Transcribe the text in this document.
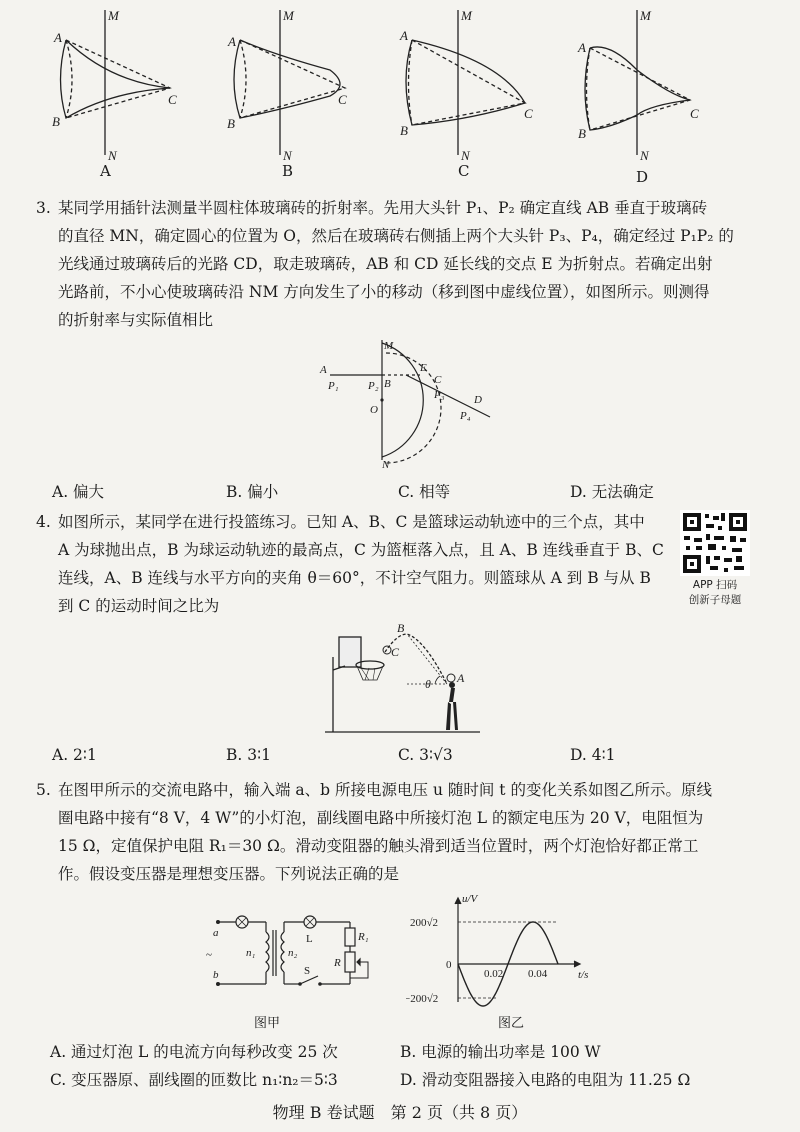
M
N
A
B
C
M
N
A
B
C
M
N
A
B
C
M
N
A
B
C
A	B	C	D
3. 某同学用插针法测量半圆柱体玻璃砖的折射率。先用大头针 P₁、P₂ 确定直线 AB 垂直于玻璃砖
的直径 MN，确定圆心的位置为 O，然后在玻璃砖右侧插上两个大头针 P₃、P₄，确定经过 P₁P₂ 的
光线通过玻璃砖后的光路 CD，取走玻璃砖，AB 和 CD 延长线的交点 E 为折射点。若确定出射
光路前，不小心使玻璃砖沿 NM 方向发生了小的移动（移到图中虚线位置），如图所示。则测得
的折射率与实际值相比
A
P₁	P₂ B
M
E
C
P₃	D
P₄
O
N
A. 偏大	B. 偏小	C. 相等	D. 无法确定
4. 如图所示，某同学在进行投篮练习。已知 A、B、C 是篮球运动轨迹中的三个点，其中
A 为球抛出点，B 为球运动轨迹的最高点，C 为篮框落入点，且 A、B 连线垂直于 B、C
连线，A、B 连线与水平方向的夹角 θ＝60°，不计空气阻力。则篮球从 A 到 B 与从 B
到 C 的运动时间之比为
APP 扫码
创新子母题
B
C
θ A
A. 2∶1	B. 3∶1	C. 3∶√3	D. 4∶1
5. 在图甲所示的交流电路中，输入端 a、b 所接电源电压 u 随时间 t 的变化关系如图乙所示。原线
圈电路中接有“8 V，4 W”的小灯泡，副线圈电路中所接灯泡 L 的额定电压为 20 V，电阻恒为
15 Ω，定值保护电阻 R₁＝30 Ω。滑动变阻器的触头滑到适当位置时，两个灯泡恰好都正常工
作。假设变压器是理想变压器。下列说法正确的是
a
b
~	n₁	n₂
L
S
R₁
R
图甲
u/V
t/s
200√2
−200√2
0
0.02 0.04
图乙
A. 通过灯泡 L 的电流方向每秒改变 25 次	B. 电源的输出功率是 100 W
C. 变压器原、副线圈的匝数比 n₁∶n₂＝5∶3	D. 滑动变阻器接入电路的电阻为 11.25 Ω
物理 B 卷试题　第 2 页（共 8 页）
